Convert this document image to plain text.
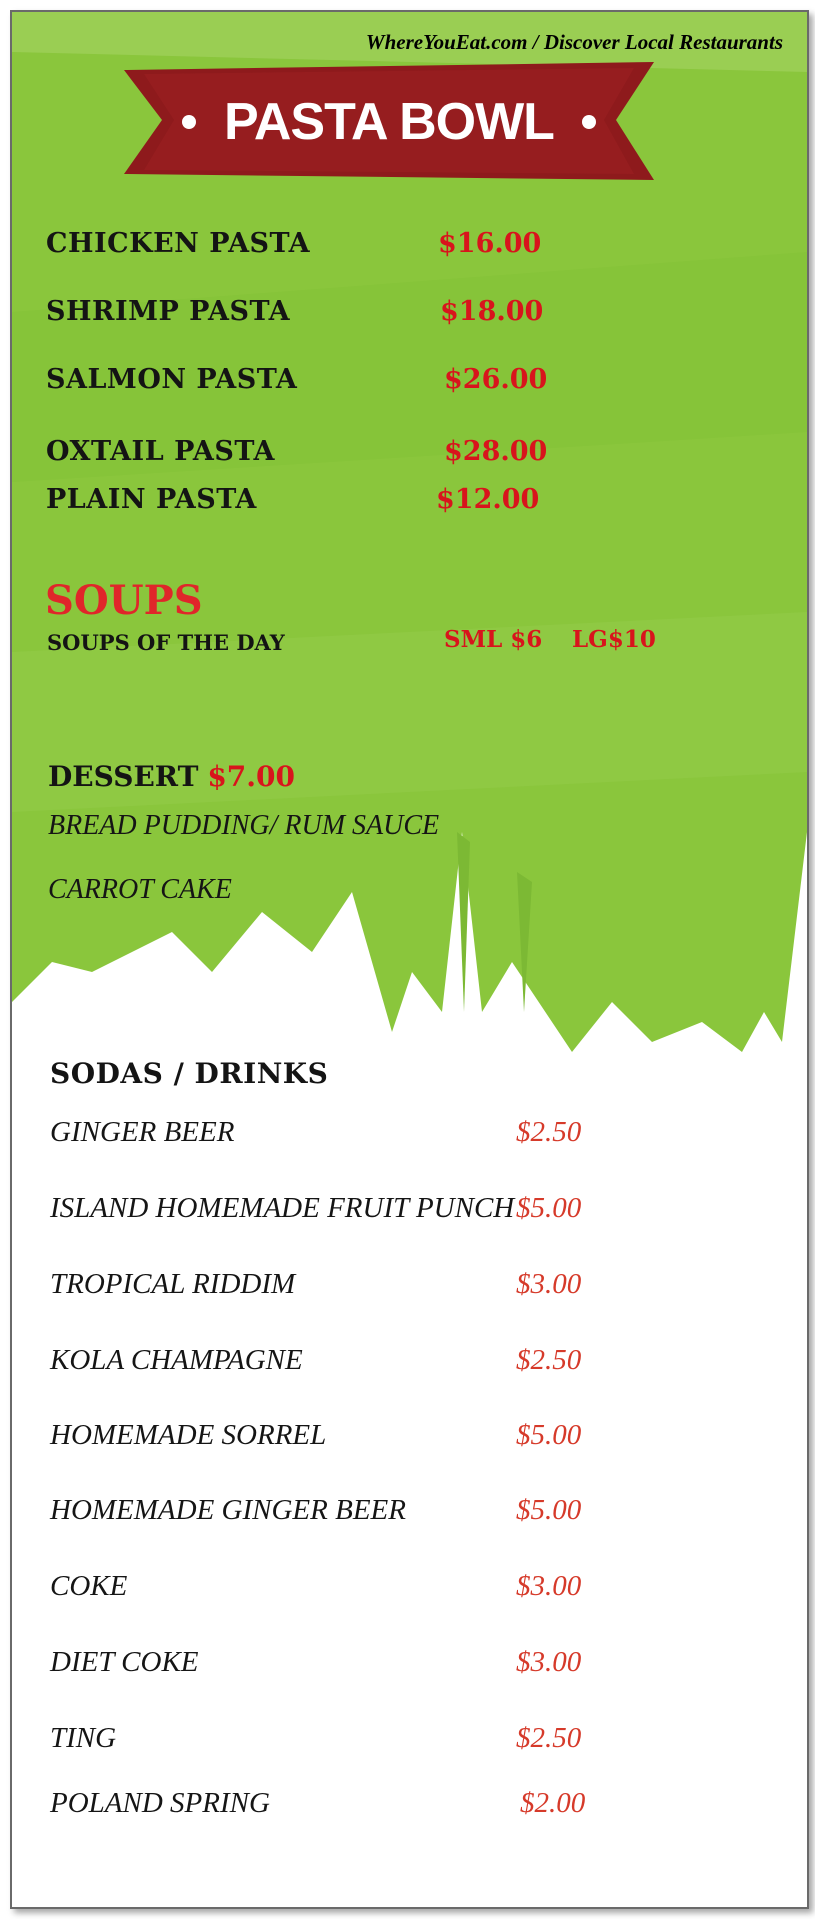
WhereYouEat.com / Discover Local Restaurants
PASTA BOWL
CHICKEN PASTA	$16.00
SHRIMP PASTA	$18.00
SALMON PASTA	$26.00
OXTAIL PASTA	$28.00
PLAIN PASTA	$12.00
SOUPS
SOUPS OF THE DAY	SML $6 LG$10
DESSERT $7.00
BREAD PUDDING/ RUM SAUCE
CARROT CAKE
SODAS / DRINKS
GINGER BEER	$2.50
ISLAND HOMEMADE FRUIT PUNCH $5.00
TROPICAL RIDDIM	$3.00
KOLA CHAMPAGNE	$2.50
HOMEMADE SORREL	$5.00
HOMEMADE GINGER BEER	$5.00
COKE	$3.00
DIET COKE	$3.00
TING	$2.50
POLAND SPRING	$2.00
